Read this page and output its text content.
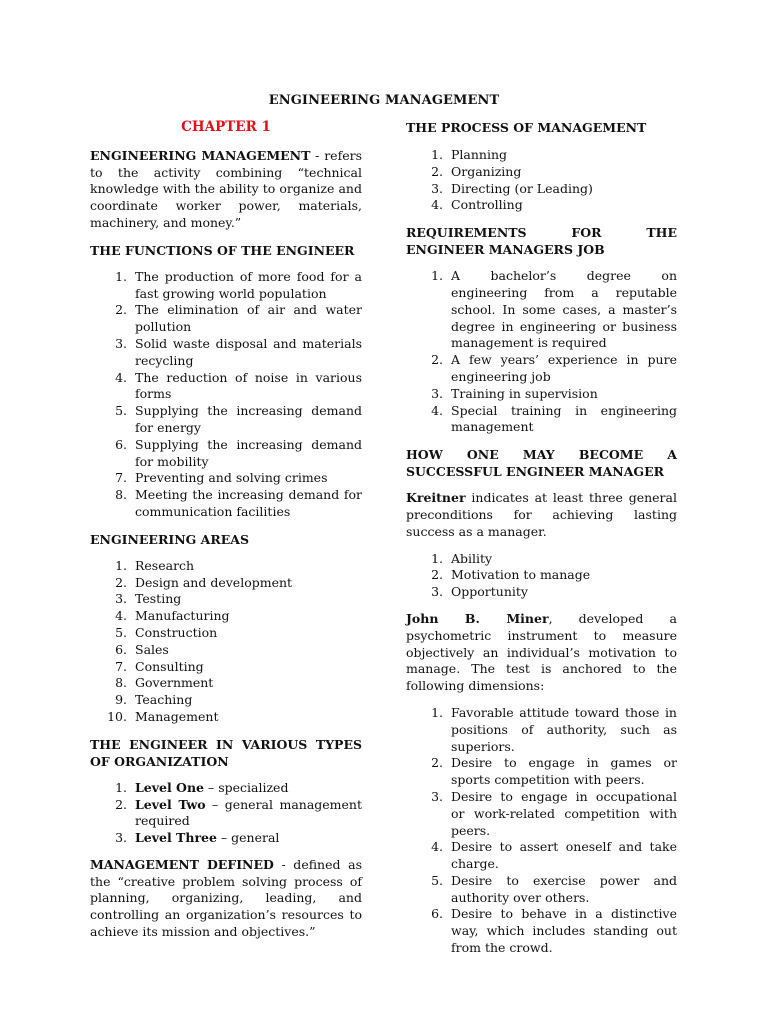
ENGINEERING MANAGEMENT
CHAPTER 1

ENGINEERING MANAGEMENT - refers to the activity combining “technical knowledge with the ability to organize and coordinate worker power, materials, machinery, and money.”

THE FUNCTIONS OF THE ENGINEER
1. The production of more food for a fast growing world population
2. The elimination of air and water pollution
3. Solid waste disposal and materials recycling
4. The reduction of noise in various forms
5. Supplying the increasing demand for energy
6. Supplying the increasing demand for mobility
7. Preventing and solving crimes
8. Meeting the increasing demand for communication facilities
ENGINEERING AREAS
1. Research
2. Design and development
3. Testing
4. Manufacturing
5. Construction
6. Sales
7. Consulting
8. Government
9. Teaching
10. Management
THE ENGINEER IN VARIOUS TYPES OF ORGANIZATION
1. Level One – specialized
2. Level Two – general management required
3. Level Three – general

MANAGEMENT DEFINED - defined as the “creative problem solving process of planning, organizing, leading, and controlling an organization’s resources to achieve its mission and objectives.”

THE PROCESS OF MANAGEMENT
1. Planning
2. Organizing
3. Directing (or Leading)
4. Controlling
REQUIREMENTS FOR THE ENGINEER MANAGERS JOB
1. A bachelor’s degree on engineering from a reputable school. In some cases, a master’s degree in engineering or business management is required
2. A few years’ experience in pure engineering job
3. Training in supervision
4. Special training in engineering management
HOW ONE MAY BECOME A SUCCESSFUL ENGINEER MANAGER

Kreitner indicates at least three general preconditions for achieving lasting success as a manager.

1. Ability
2. Motivation to manage
3. Opportunity

John B. Miner, developed a psychometric instrument to measure objectively an individual’s motivation to manage. The test is anchored to the following dimensions:

1. Favorable attitude toward those in positions of authority, such as superiors.
2. Desire to engage in games or sports competition with peers.
3. Desire to engage in occupational or work-related competition with peers.
4. Desire to assert oneself and take charge.
5. Desire to exercise power and authority over others.
6. Desire to behave in a distinctive way, which includes standing out from the crowd.
